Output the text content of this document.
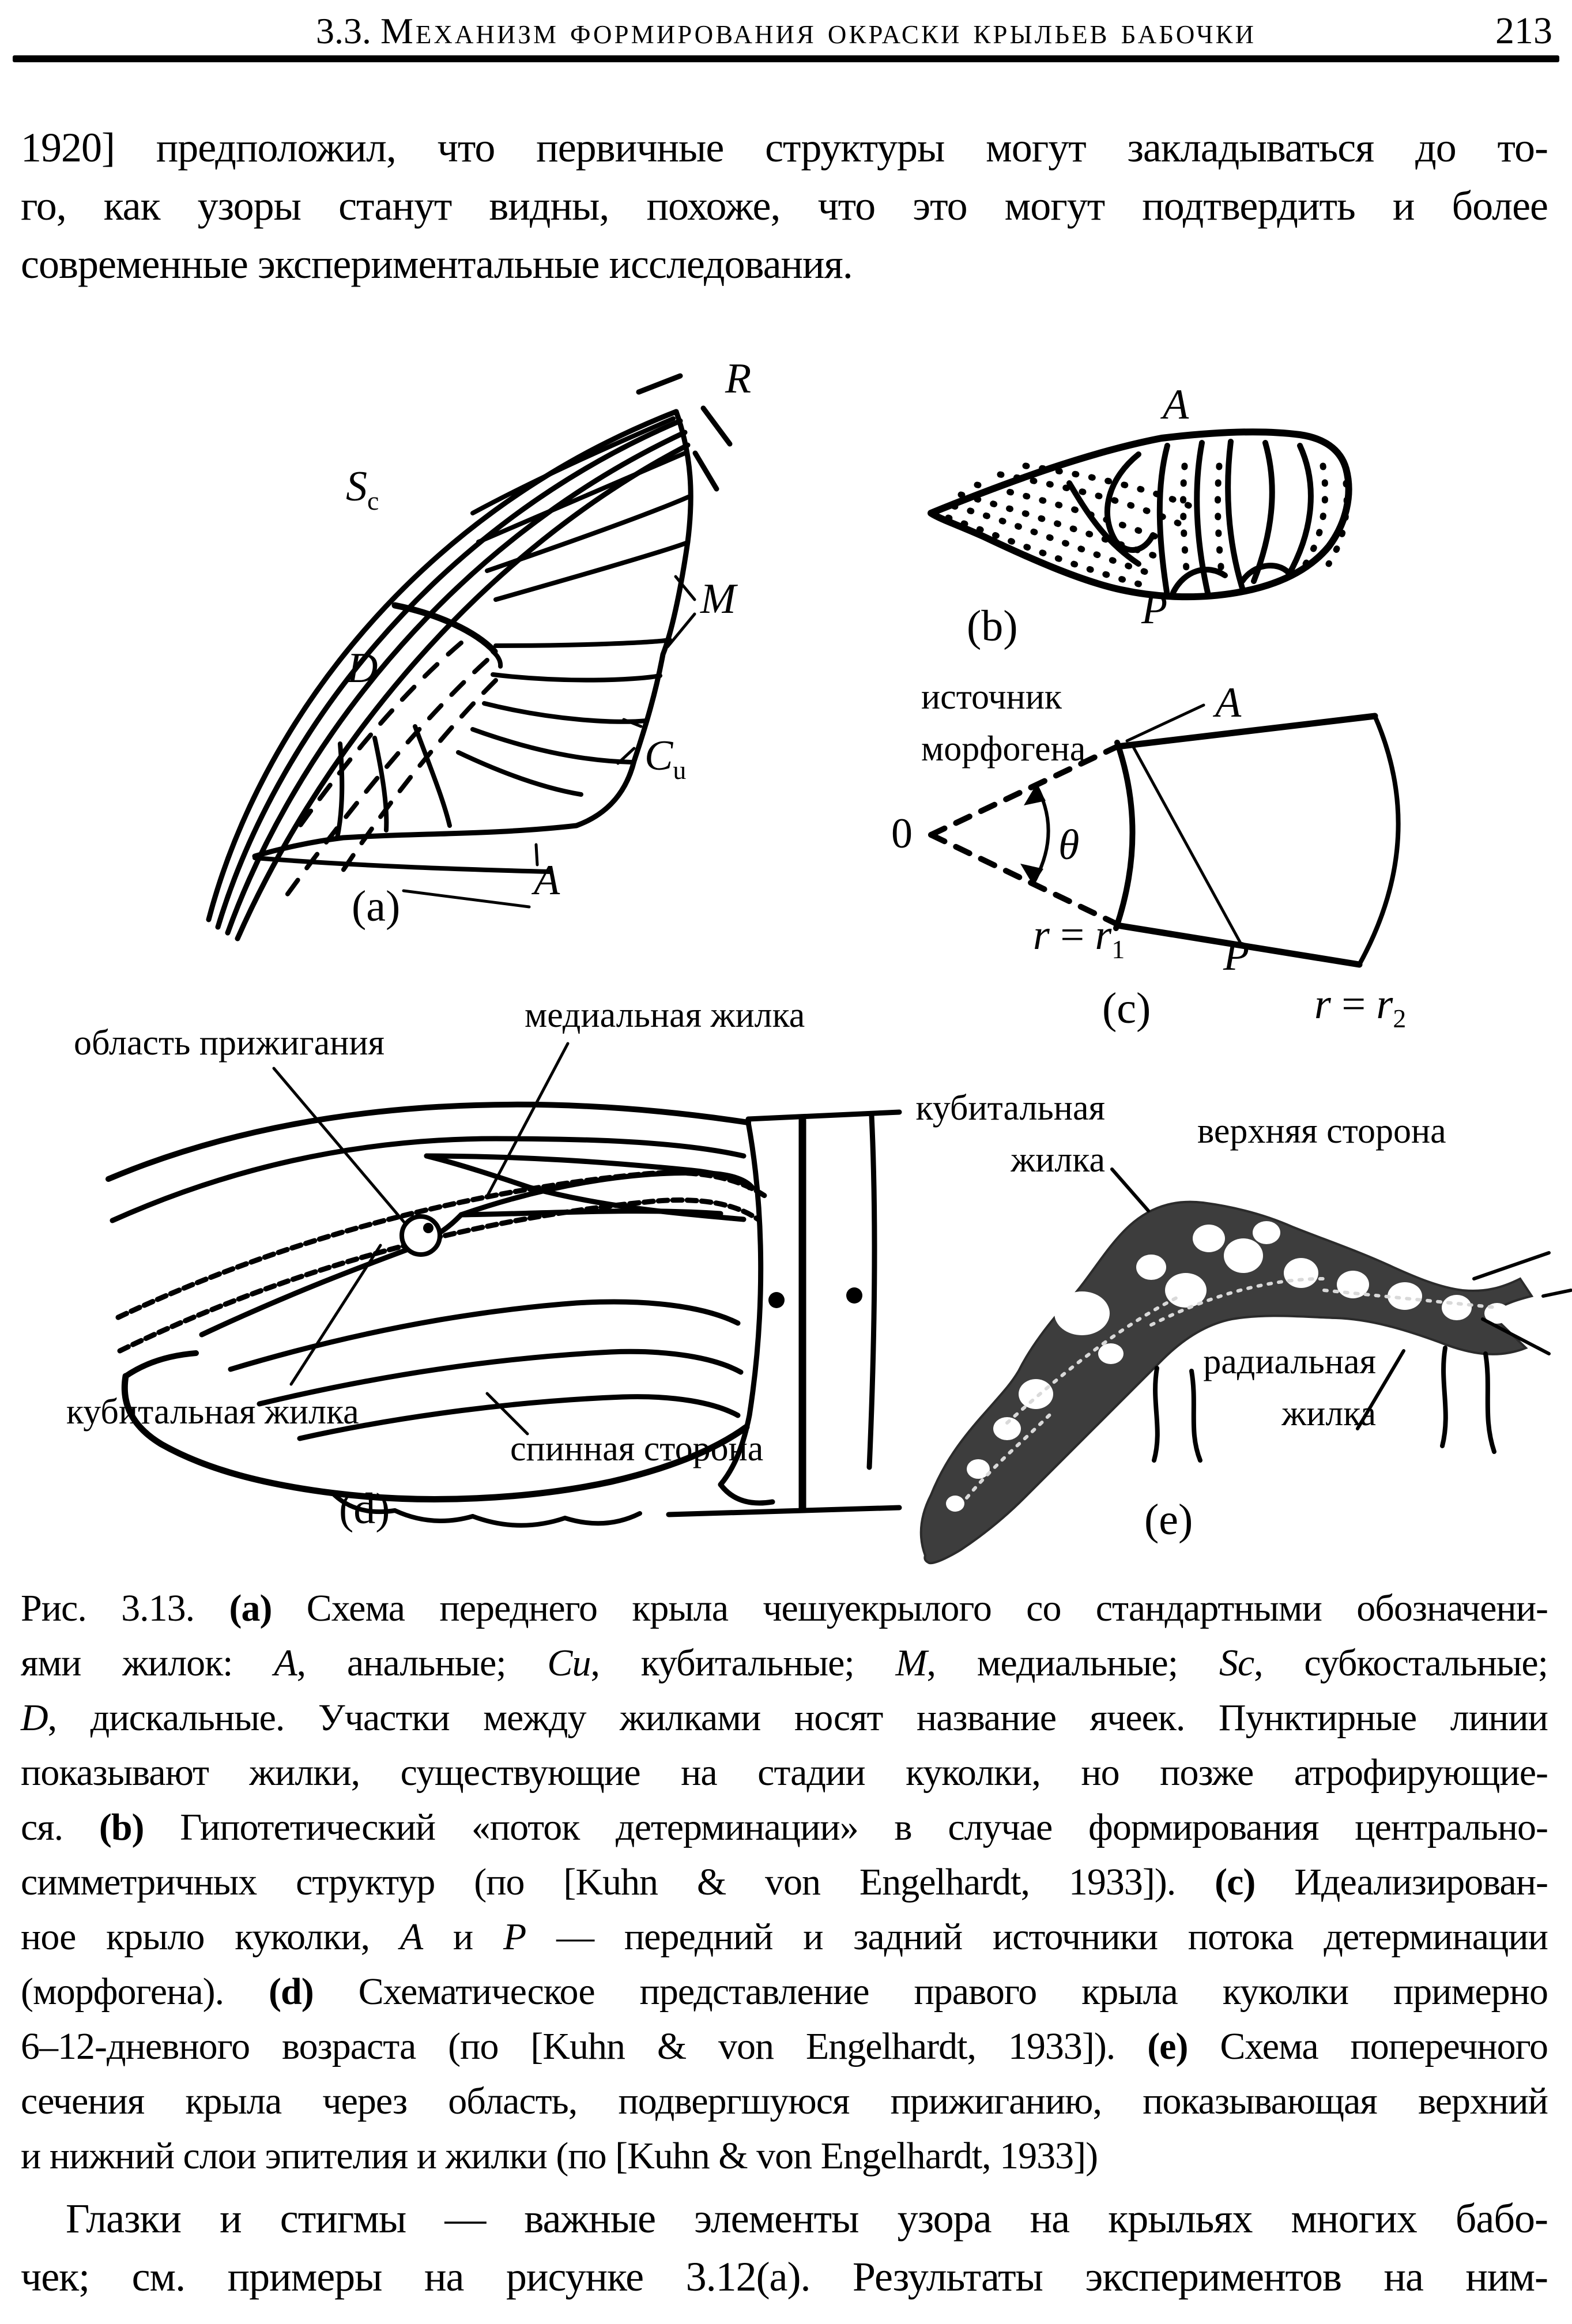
3.3. Механизм формирования окраски крыльев бабочки	213
1920] предположил, что первичные структуры могут закладываться до то-
го, как узоры станут видны, похоже, что это могут подтвердить и более
современные экспериментальные исследования.
R
$S_c$
M
D
$C_u$
A
(a)
A
P
(b)
источник
морфогена
A
0	θ
$r = r_1$ P
$r = r_2$
(c)
область прижигания
медиальная жилка
кубитальная жилка
спинная сторона
(d)
кубитальная
жилка
верхняя сторона
радиальная
жилка
(e)
Рис. 3.13. (a) Схема переднего крыла чешуекрылого со стандартными обозначени-
ями жилок: A, анальные; Cu, кубитальные; M, медиальные; Sc, субкостальные;
D, дискальные. Участки между жилками носят название ячеек. Пунктирные линии
показывают жилки, существующие на стадии куколки, но позже атрофирующие-
ся. (b) Гипотетический «поток детерминации» в случае формирования центрально-
симметричных структур (по [Kuhn & von Engelhardt, 1933]). (c) Идеализирован-
ное крыло куколки, A и P — передний и задний источники потока детерминации
(морфогена). (d) Схематическое представление правого крыла куколки примерно
6–12-дневного возраста (по [Kuhn & von Engelhardt, 1933]). (e) Схема поперечного
сечения крыла через область, подвергшуюся прижиганию, показывающая верхний
и нижний слои эпителия и жилки (по [Kuhn & von Engelhardt, 1933])
Глазки и стигмы — важные элементы узора на крыльях многих бабо-
чек; см. примеры на рисунке 3.12(a). Результаты экспериментов на ним-
